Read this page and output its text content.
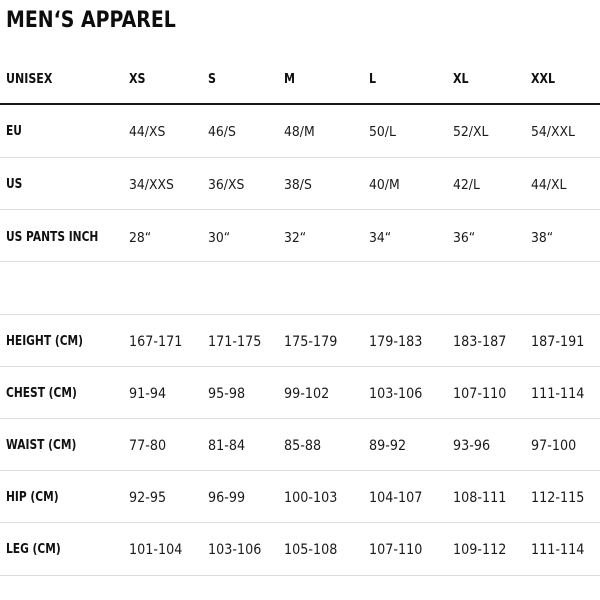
MEN‘S APPAREL
UNISEX	XS	S	M	L	XL	XXL
EU	44/XS	46/S	48/M	50/L	52/XL	54/XXL
US	34/XXS	36/XS	38/S	40/M	42/L	44/XL
US PANTS INCH 28“	30“	32“	34“	36“	38“
HEIGHT (CM)	167-171 171-175 175-179 179-183 183-187 187-191
CHEST (CM)	91-94	95-98	99-102	103-106 107-110 111-114
WAIST (CM)	77-80	81-84	85-88	89-92	93-96	97-100
HIP (CM)	92-95	96-99	100-103 104-107 108-111 112-115
LEG (CM)	101-104 103-106 105-108 107-110 109-112 111-114
